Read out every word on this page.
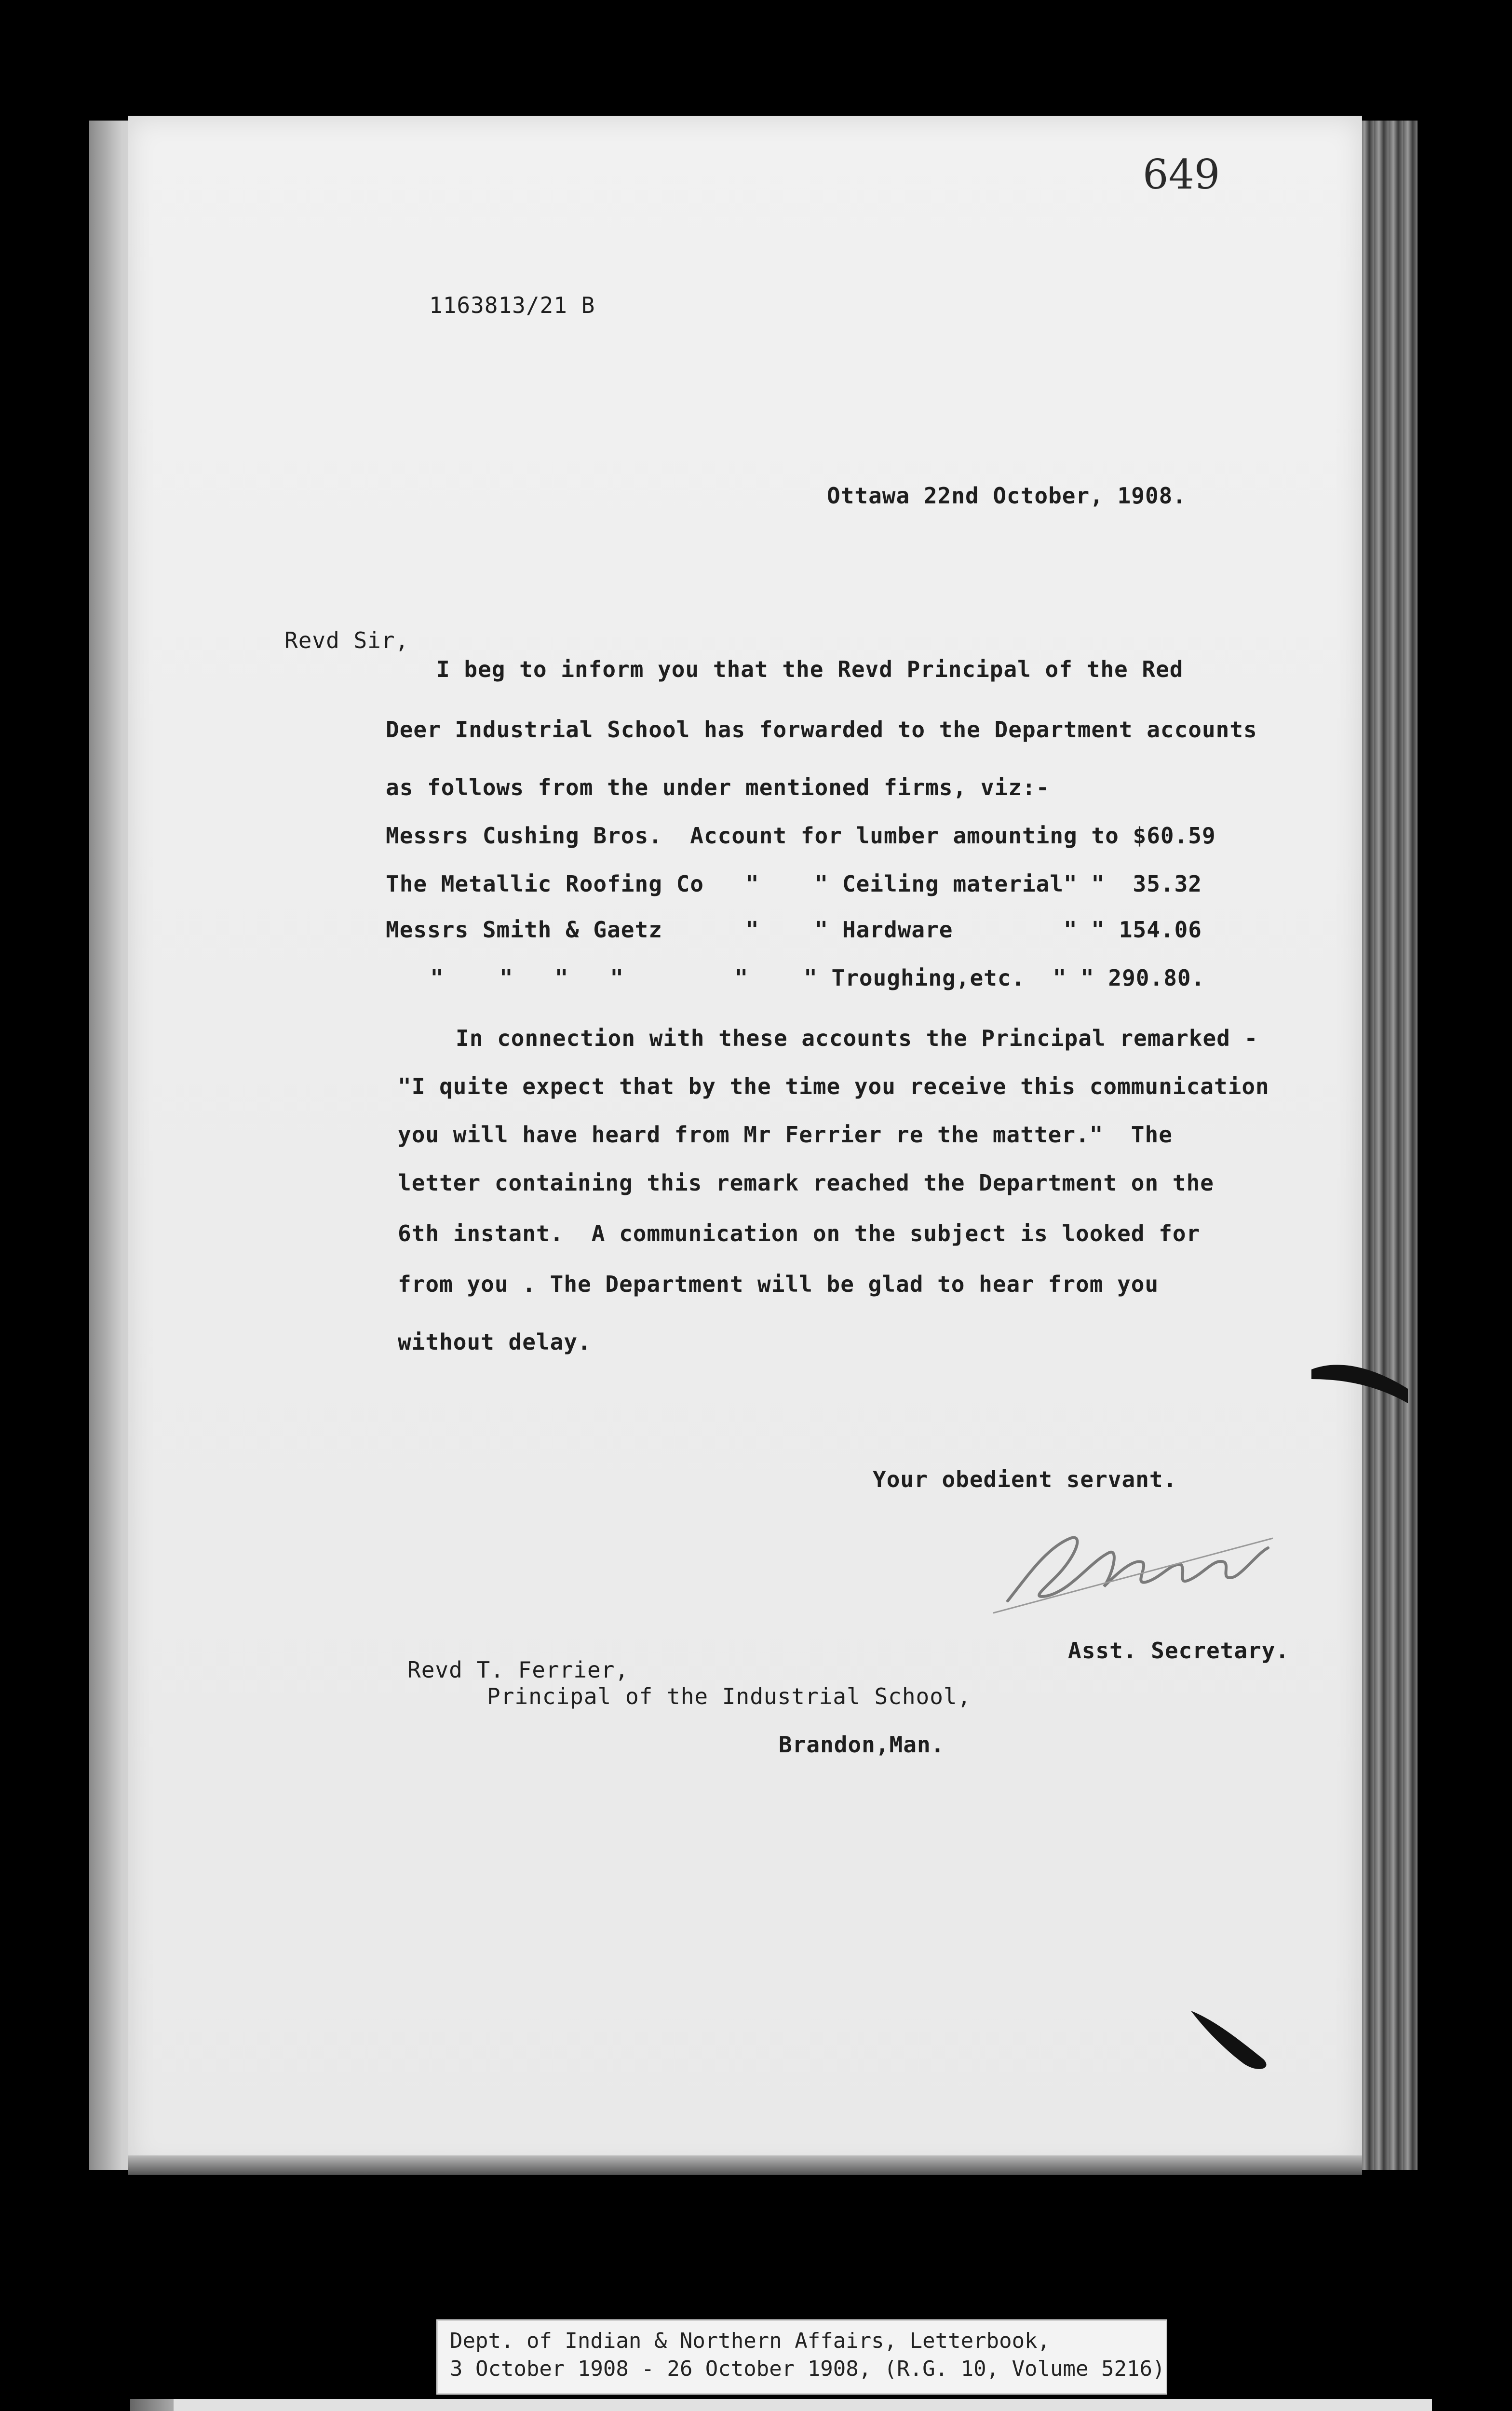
649
1163813/21 B
Ottawa 22nd October, 1908.
Revd Sir,
I beg to inform you that the Revd Principal of the Red
Deer Industrial School has forwarded to the Department accounts
as follows from the under mentioned firms, viz:-
Messrs Cushing Bros.  Account for lumber amounting to $60.59
The Metallic Roofing Co   "    " Ceiling material" "  35.32
Messrs Smith & Gaetz      "    " Hardware        " " 154.06
"    "   "   "        "    " Troughing,etc.  " " 290.80.
In connection with these accounts the Principal remarked -
"I quite expect that by the time you receive this communication
you will have heard from Mr Ferrier re the matter."  The
letter containing this remark reached the Department on the
6th instant.  A communication on the subject is looked for
from you . The Department will be glad to hear from you
without delay.
Your obedient servant.
Asst. Secretary.
Revd T. Ferrier,
Principal of the Industrial School,
Brandon,Man.
Dept. of Indian & Northern Affairs, Letterbook,
3 October 1908 - 26 October 1908, (R.G. 10, Volume 5216)
